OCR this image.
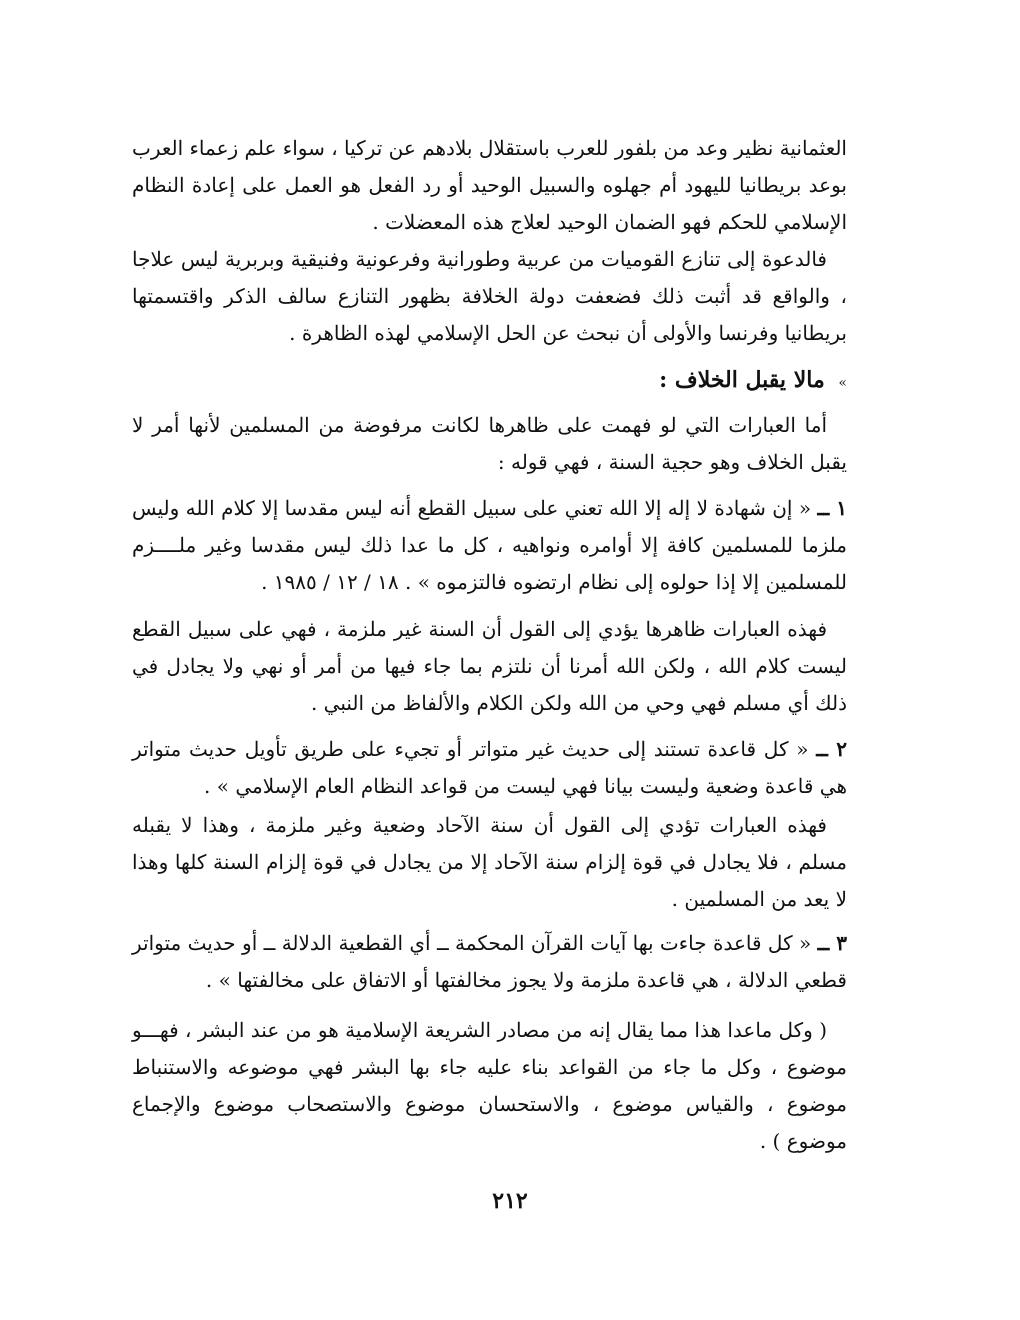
العثمانية نظير وعد من بلفور للعرب باستقلال بلادهم عن تركيا ، سواء علم زعماء العرب بوعد بريطانيا لليهود أم جهلوه والسبيل الوحيد أو رد الفعل هو العمل على إعادة النظام الإسلامي للحكم فهو الضمان الوحيد لعلاج هذه المعضلات .

فالدعوة إلى تنازع القوميات من عربية وطورانية وفرعونية وفنيقية وبربرية ليس علاجا ، والواقع قد أثبت ذلك فضعفت دولة الخلافة بظهور التنازع سالف الذكر واقتسمتها بريطانيا وفرنسا والأولى أن نبحث عن الحل الإسلامي لهذه الظاهرة .

» مالا يقبل الخلاف :

أما العبارات التي لو فهمت على ظاهرها لكانت مرفوضة من المسلمين لأنها أمر لا يقبل الخلاف وهو حجية السنة ، فهي قوله :

١ ــ « إن شهادة لا إله إلا الله تعني على سبيل القطع أنه ليس مقدسا إلا كلام الله وليس ملزما للمسلمين كافة إلا أوامره ونواهيه ، كل ما عدا ذلك ليس مقدسا وغير ملــــزم للمسلمين إلا إذا حولوه إلى نظام ارتضوه فالتزموه » . ١٨ / ١٢ / ١٩٨٥ .

فهذه العبارات ظاهرها يؤدي إلى القول أن السنة غير ملزمة ، فهي على سبيل القطع ليست كلام الله ، ولكن الله أمرنا أن نلتزم بما جاء فيها من أمر أو نهي ولا يجادل في ذلك أي مسلم فهي وحي من الله ولكن الكلام والألفاظ من النبي .

٢ ــ « كل قاعدة تستند إلى حديث غير متواتر أو تجيء على طريق تأويل حديث متواتر هي قاعدة وضعية وليست بيانا فهي ليست من قواعد النظام العام الإسلامي » .

فهذه العبارات تؤدي إلى القول أن سنة الآحاد وضعية وغير ملزمة ، وهذا لا يقبله مسلم ، فلا يجادل في قوة إلزام سنة الآحاد إلا من يجادل في قوة إلزام السنة كلها وهذا لا يعد من المسلمين .

٣ ــ « كل قاعدة جاءت بها آيات القرآن المحكمة ــ أي القطعية الدلالة ــ أو حديث متواتر قطعي الدلالة ، هي قاعدة ملزمة ولا يجوز مخالفتها أو الاتفاق على مخالفتها » .

( وكل ماعدا هذا مما يقال إنه من مصادر الشريعة الإسلامية هو من عند البشر ، فهـــو موضوع ، وكل ما جاء من القواعد بناء عليه جاء بها البشر فهي موضوعه والاستنباط موضوع ، والقياس موضوع ، والاستحسان موضوع والاستصحاب موضوع والإجماع موضوع ) .

٢١٢
